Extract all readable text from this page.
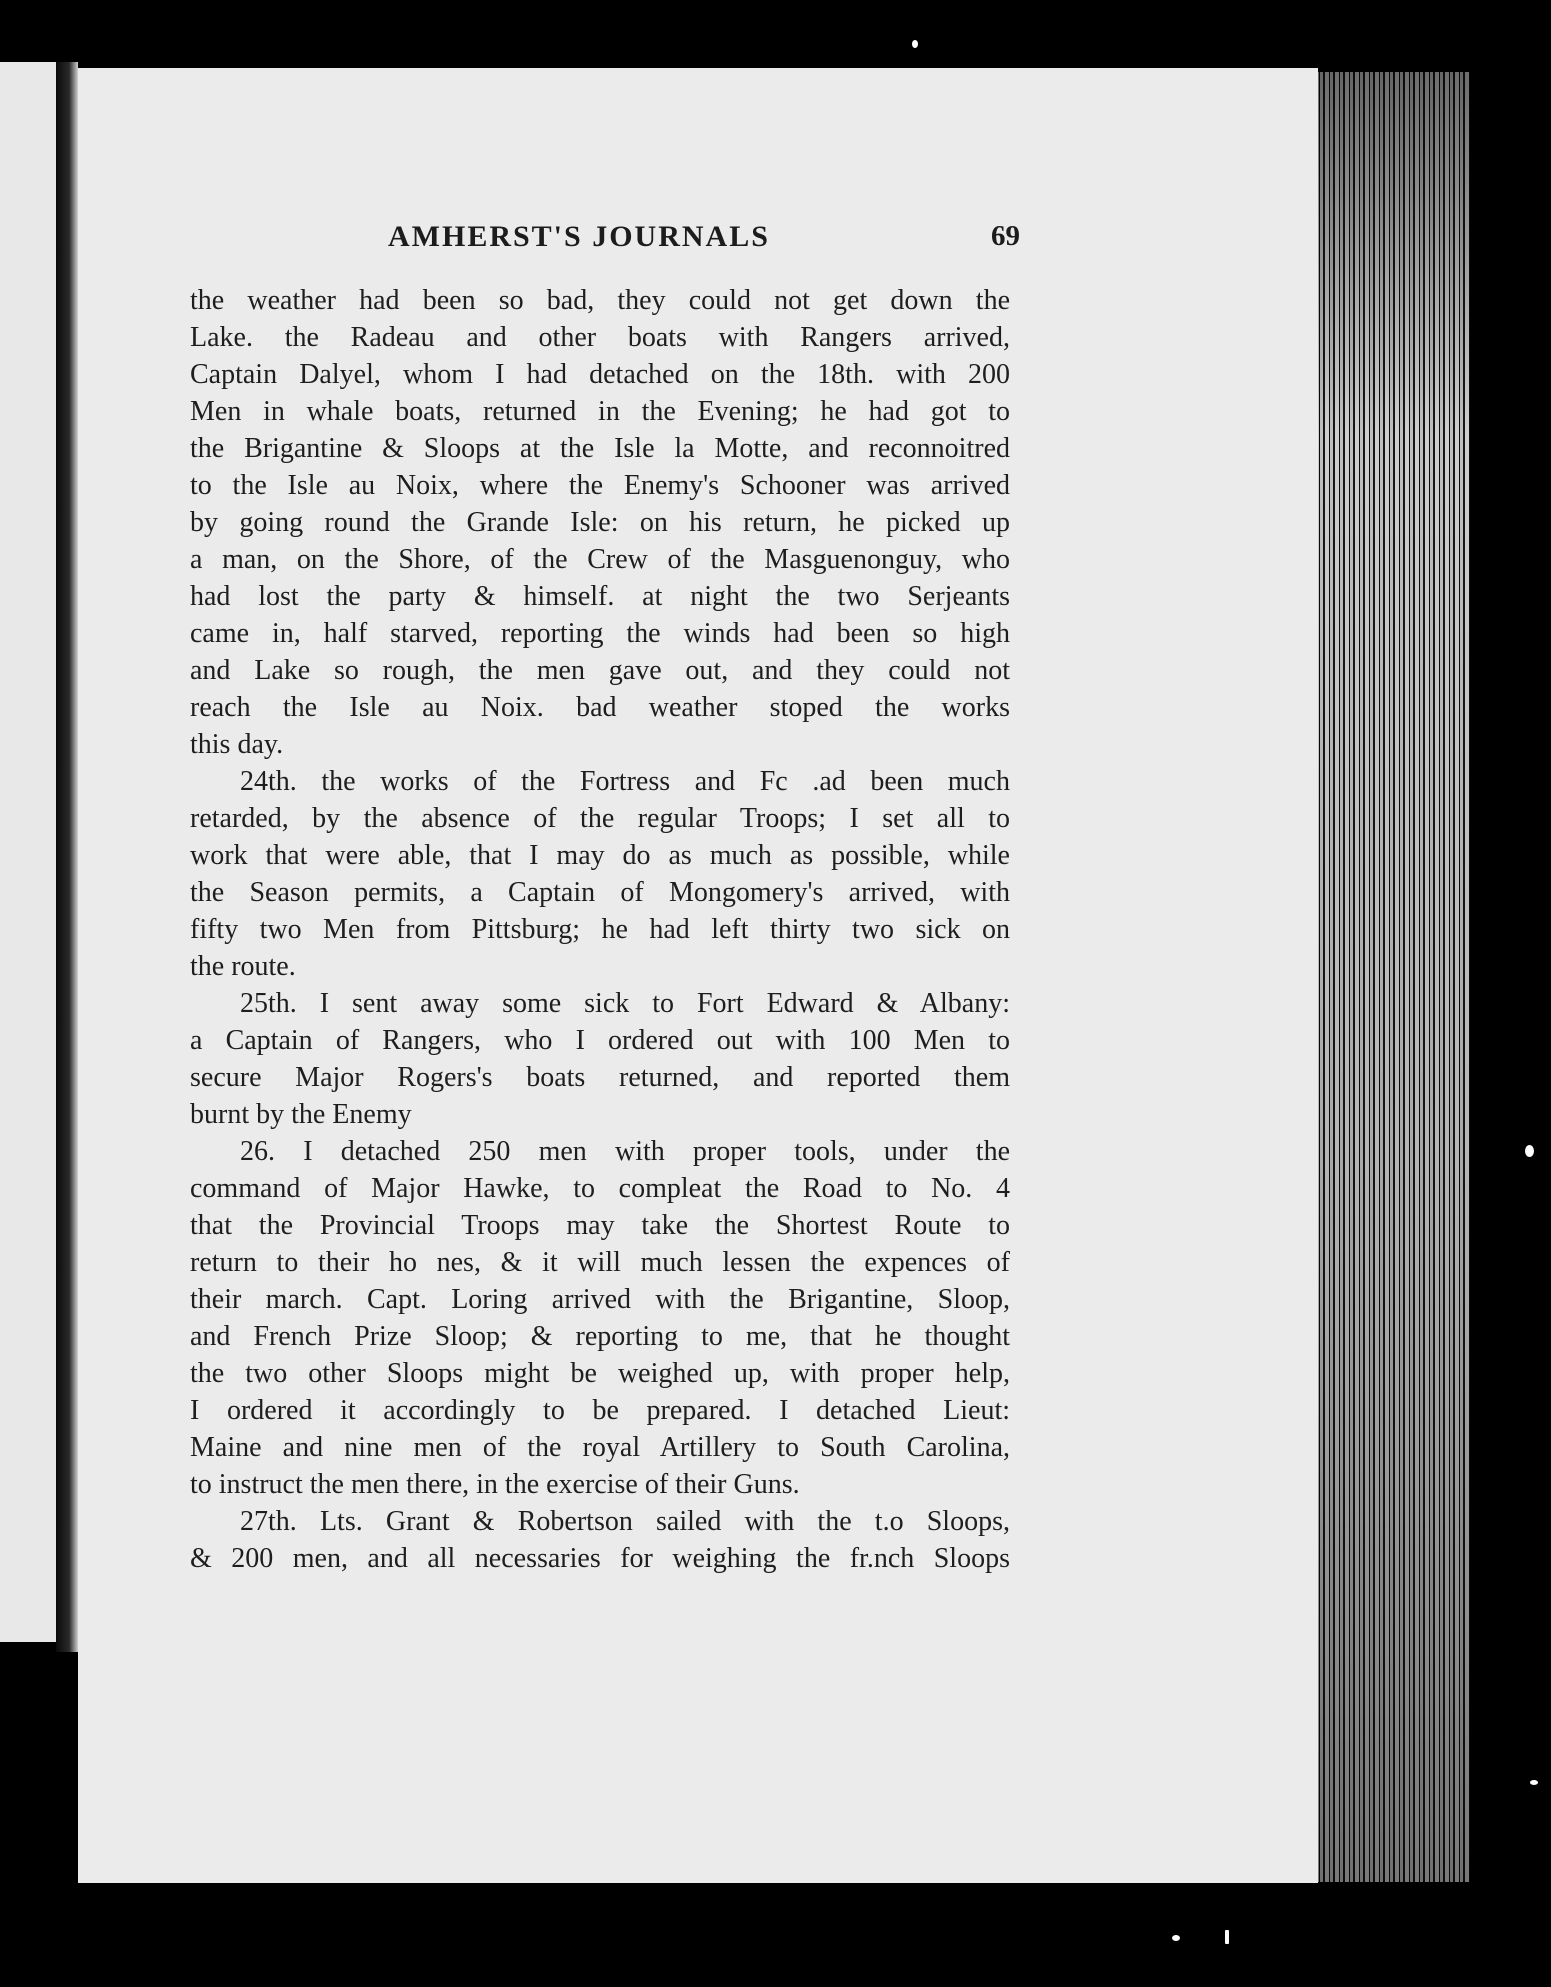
AMHERST'S JOURNALS	69
the weather had been so bad, they could not get down the
Lake. the Radeau and other boats with Rangers arrived,
Captain Dalyel, whom I had detached on the 18th. with 200
Men in whale boats, returned in the Evening; he had got to
the Brigantine & Sloops at the Isle la Motte, and reconnoitred
to the Isle au Noix, where the Enemy's Schooner was arrived
by going round the Grande Isle: on his return, he picked up
a man, on the Shore, of the Crew of the Masguenonguy, who
had lost the party & himself. at night the two Serjeants
came in, half starved, reporting the winds had been so high
and Lake so rough, the men gave out, and they could not
reach the Isle au Noix. bad weather stoped the works
this day.
24th. the works of the Fortress and Fc .ad been much
retarded, by the absence of the regular Troops; I set all to
work that were able, that I may do as much as possible, while
the Season permits, a Captain of Mongomery's arrived, with
fifty two Men from Pittsburg; he had left thirty two sick on
the route.
25th. I sent away some sick to Fort Edward & Albany:
a Captain of Rangers, who I ordered out with 100 Men to
secure Major Rogers's boats returned, and reported them
burnt by the Enemy
26. I detached 250 men with proper tools, under the
command of Major Hawke, to compleat the Road to No. 4
that the Provincial Troops may take the Shortest Route to
return to their ho nes, & it will much lessen the expences of
their march. Capt. Loring arrived with the Brigantine, Sloop,
and French Prize Sloop; & reporting to me, that he thought
the two other Sloops might be weighed up, with proper help,
I ordered it accordingly to be prepared. I detached Lieut:
Maine and nine men of the royal Artillery to South Carolina,
to instruct the men there, in the exercise of their Guns.
27th. Lts. Grant & Robertson sailed with the t.o Sloops,
& 200 men, and all necessaries for weighing the fr.nch Sloops
